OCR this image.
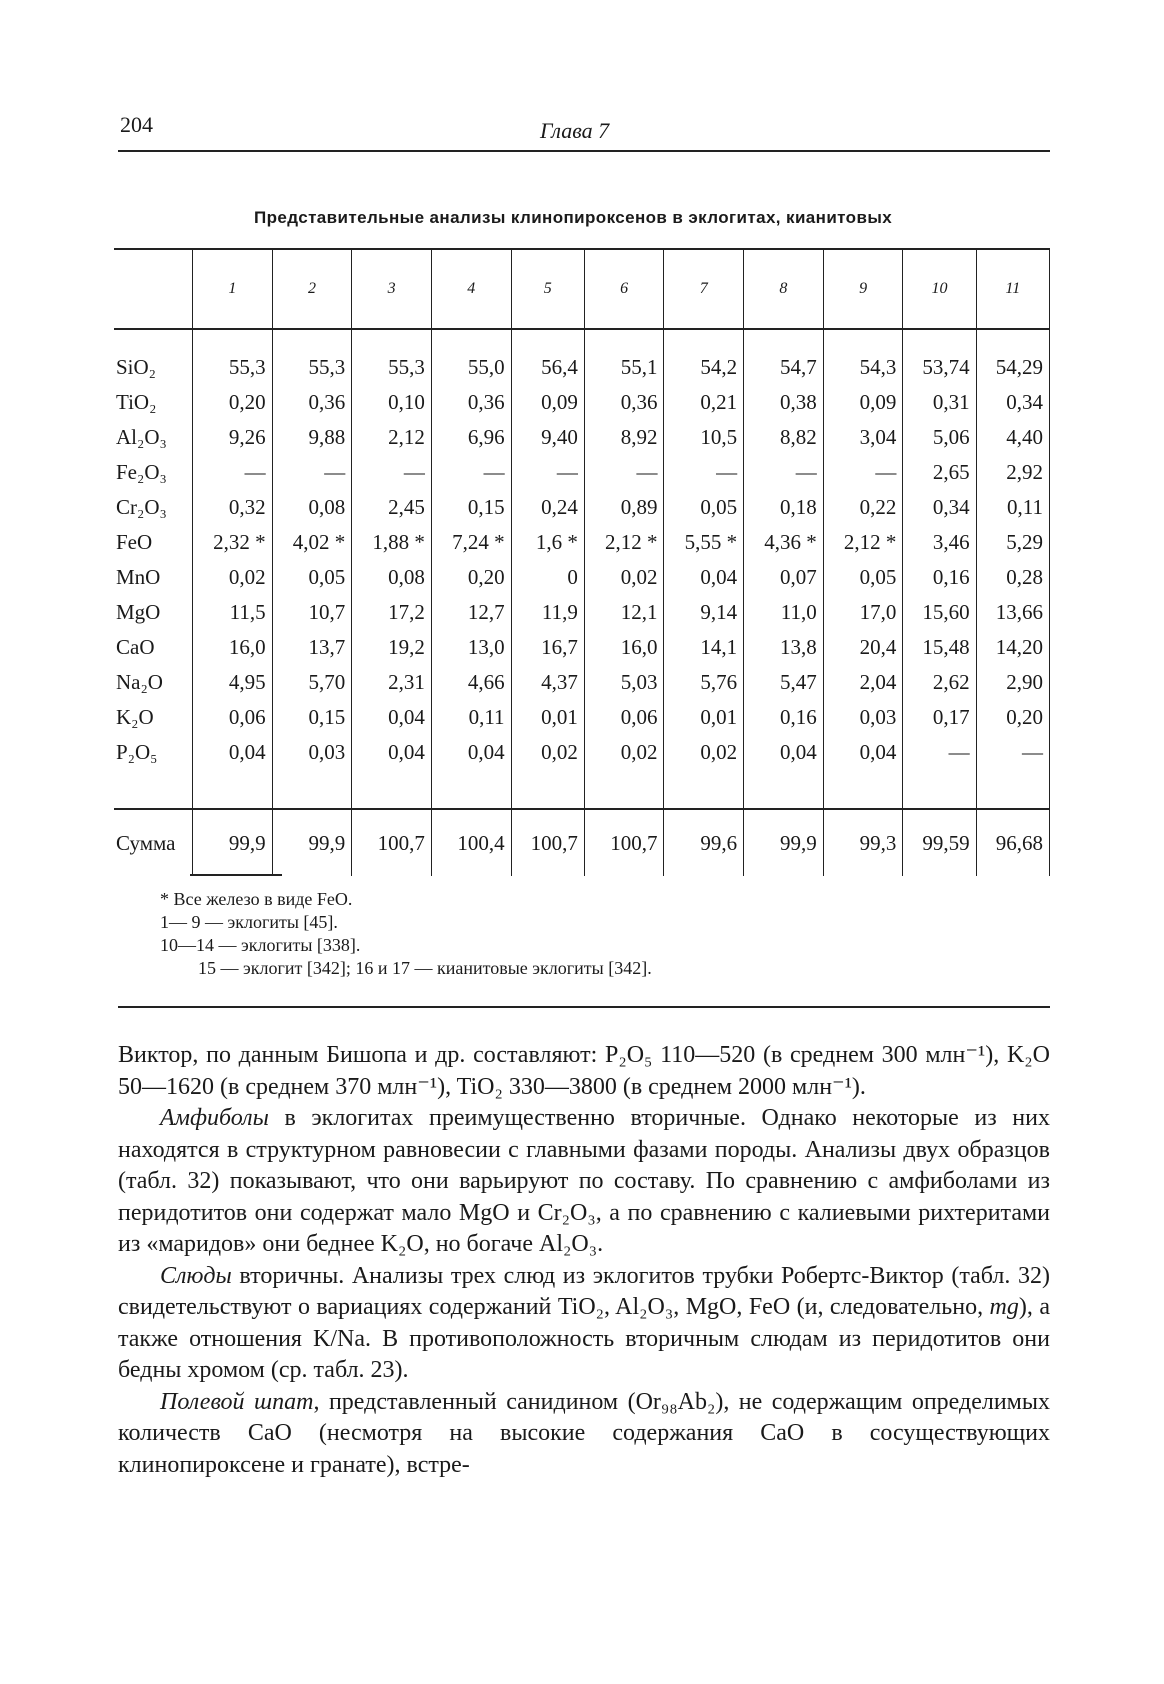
204	Глава 7
Представительные анализы клинопироксенов в эклогитах, кианитовых
	1	2	3	4	5	6	7	8	9	10	11

SiO₂	55,3	55,3	55,3	55,0	56,4	55,1	54,2	54,7	54,3	53,74	54,29
TiO₂	0,20	0,36	0,10	0,36	0,09	0,36	0,21	0,38	0,09	0,31	0,34
Al₂O₃	9,26	9,88	2,12	6,96	9,40	8,92	10,5	8,82	3,04	5,06	4,40
Fe₂O₃	—	—	—	—	—	—	—	—	—	2,65	2,92
Cr₂O₃	0,32	0,08	2,45	0,15	0,24	0,89	0,05	0,18	0,22	0,34	0,11
FeO	2,32 *	4,02 *	1,88 *	7,24 *	1,6 *	2,12 *	5,55 *	4,36 *	2,12 *	3,46	5,29
MnO	0,02	0,05	0,08	0,20	0	0,02	0,04	0,07	0,05	0,16	0,28
MgO	11,5	10,7	17,2	12,7	11,9	12,1	9,14	11,0	17,0	15,60	13,66
CaO	16,0	13,7	19,2	13,0	16,7	16,0	14,1	13,8	20,4	15,48	14,20
Na₂O	4,95	5,70	2,31	4,66	4,37	5,03	5,76	5,47	2,04	2,62	2,90
K₂O	0,06	0,15	0,04	0,11	0,01	0,06	0,01	0,16	0,03	0,17	0,20
P₂O₅	0,04	0,03	0,04	0,04	0,02	0,02	0,02	0,04	0,04	—	—

Сумма	99,9	99,9	100,7	100,4	100,7	100,7	99,6	99,9	99,3	99,59	96,68
* Все железо в виде FeO.
1— 9 — эклогиты [45].
10—14 — эклогиты [338].
15 — эклогит [342]; 16 и 17 — кианитовые эклогиты [342].

Виктор, по данным Бишопа и др. составляют: P₂O₅ 110—520 (в среднем 300 млн⁻¹), K₂O 50—1620 (в среднем 370 млн⁻¹), TiO₂ 330—3800 (в среднем 2000 млн⁻¹).

Амфиболы в эклогитах преимущественно вторичные. Однако некоторые из них находятся в структурном равновесии с главными фазами породы. Анализы двух образцов (табл. 32) показывают, что они варьируют по составу. По сравнению с амфиболами из перидотитов они содержат мало MgO и Cr₂O₃, а по сравнению с калиевыми рихтеритами из «маридов» они беднее K₂O, но богаче Al₂O₃.

Слюды вторичны. Анализы трех слюд из эклогитов трубки Робертс-Виктор (табл. 32) свидетельствуют о вариациях содержаний TiO₂, Al₂O₃, MgO, FeO (и, следовательно, mg), а также отношения K/Na. В противоположность вторичным слюдам из перидотитов они бедны хромом (ср. табл. 23).

Полевой шпат, представленный санидином (Or₉₈Ab₂), не содержащим определимых количеств CaO (несмотря на высокие содержания CaO в сосуществующих клинопироксене и гранате), встре-
